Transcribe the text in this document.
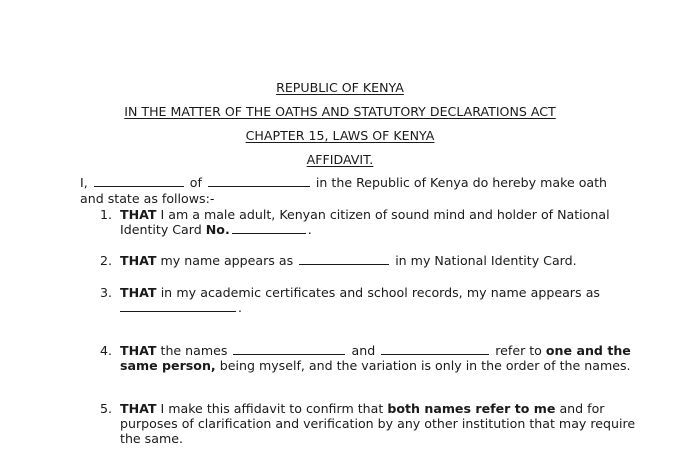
REPUBLIC OF KENYA
IN THE MATTER OF THE OATHS AND STATUTORY DECLARATIONS ACT
CHAPTER 15, LAWS OF KENYA
AFFIDAVIT.
I,	of	in the Republic of Kenya do hereby make oath
and state as follows:-
1. THAT I am a male adult, Kenyan citizen of sound mind and holder of National
Identity Card No.	.
2. THAT my name appears as	in my National Identity Card.
3. THAT in my academic certificates and school records, my name appears as
.
4. THAT the names	and	refer to one and the
same person, being myself, and the variation is only in the order of the names.
5. THAT I make this affidavit to confirm that both names refer to me and for
purposes of clarification and verification by any other institution that may require
the same.
